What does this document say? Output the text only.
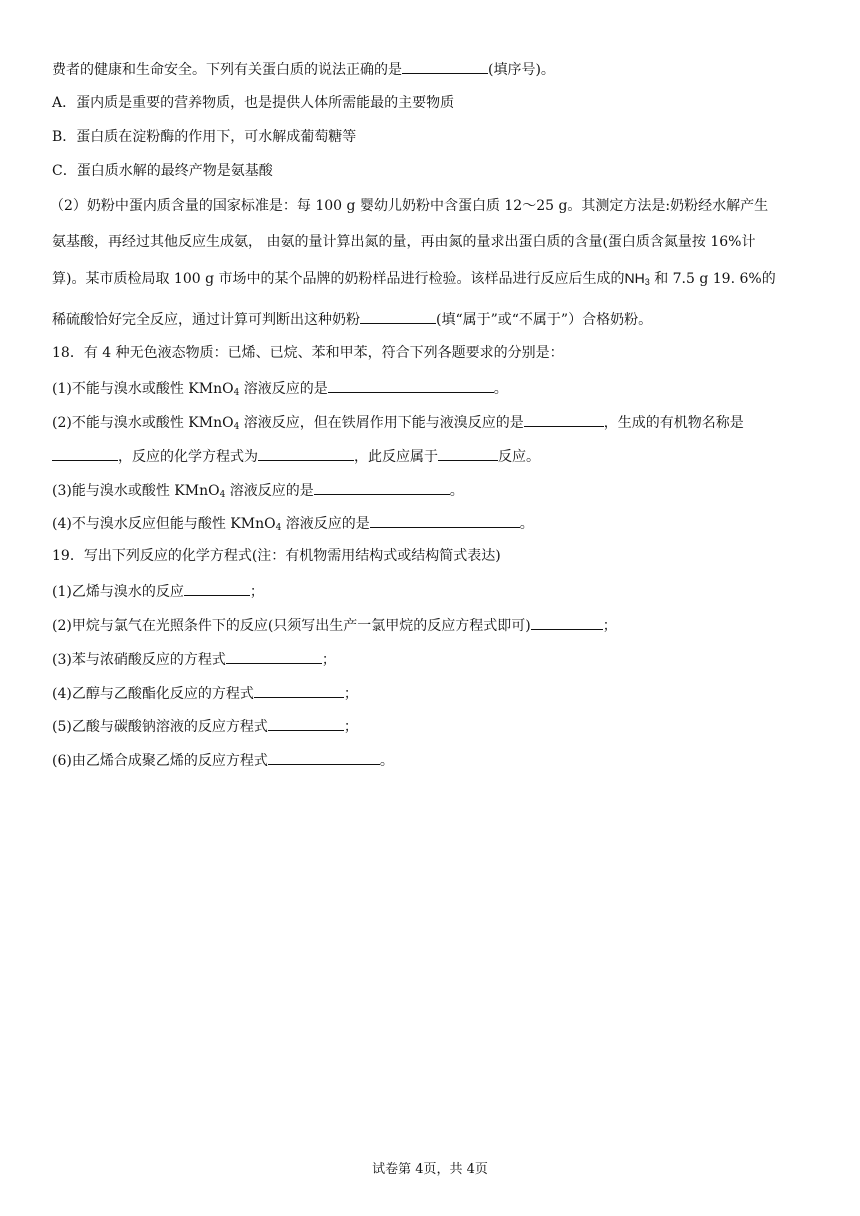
费者的健康和生命安全。下列有关蛋白质的说法正确的是	(填序号)。
A．蛋内质是重要的营养物质，也是提供人体所需能最的主要物质
B．蛋白质在淀粉酶的作用下，可水解成葡萄糖等
C．蛋白质水解的最终产物是氨基酸
（2）奶粉中蛋内质含量的国家标准是：每 100 g 婴幼儿奶粉中含蛋白质 12～25 g。其测定方法是:奶粉经水解产生
氨基酸，再经过其他反应生成氨， 由氨的量计算出氮的量，再由氮的量求出蛋白质的含量(蛋白质含氮量按 16%计
算)。某市质检局取 100 g 市场中的某个品牌的奶粉样品进行检验。该样品进行反应后生成的$NH_3$ 和 7.5 g 19. 6%的
稀硫酸恰好完全反应，通过计算可判断出这种奶粉	(填“属于”或“不属于”）合格奶粉。
18．有 4 种无色液态物质：已烯、已烷、苯和甲苯，符合下列各题要求的分别是：
(1)不能与溴水或酸性 KMnO$_4$ 溶液反应的是	。
(2)不能与溴水或酸性 KMnO$_4$ 溶液反应，但在铁屑作用下能与液溴反应的是	，生成的有机物名称是
，反应的化学方程式为	，此反应属于	反应。
(3)能与溴水或酸性 KMnO$_4$ 溶液反应的是	。
(4)不与溴水反应但能与酸性 KMnO$_4$ 溶液反应的是	。
19．写出下列反应的化学方程式(注：有机物需用结构式或结构简式表达)
(1)乙烯与溴水的反应	；
(2)甲烷与氯气在光照条件下的反应(只须写出生产一氯甲烷的反应方程式即可)	；
(3)苯与浓硝酸反应的方程式	；
(4)乙醇与乙酸酯化反应的方程式	；
(5)乙酸与碳酸钠溶液的反应方程式	；
(6)由乙烯合成聚乙烯的反应方程式	。
试卷第 4页，共 4页
